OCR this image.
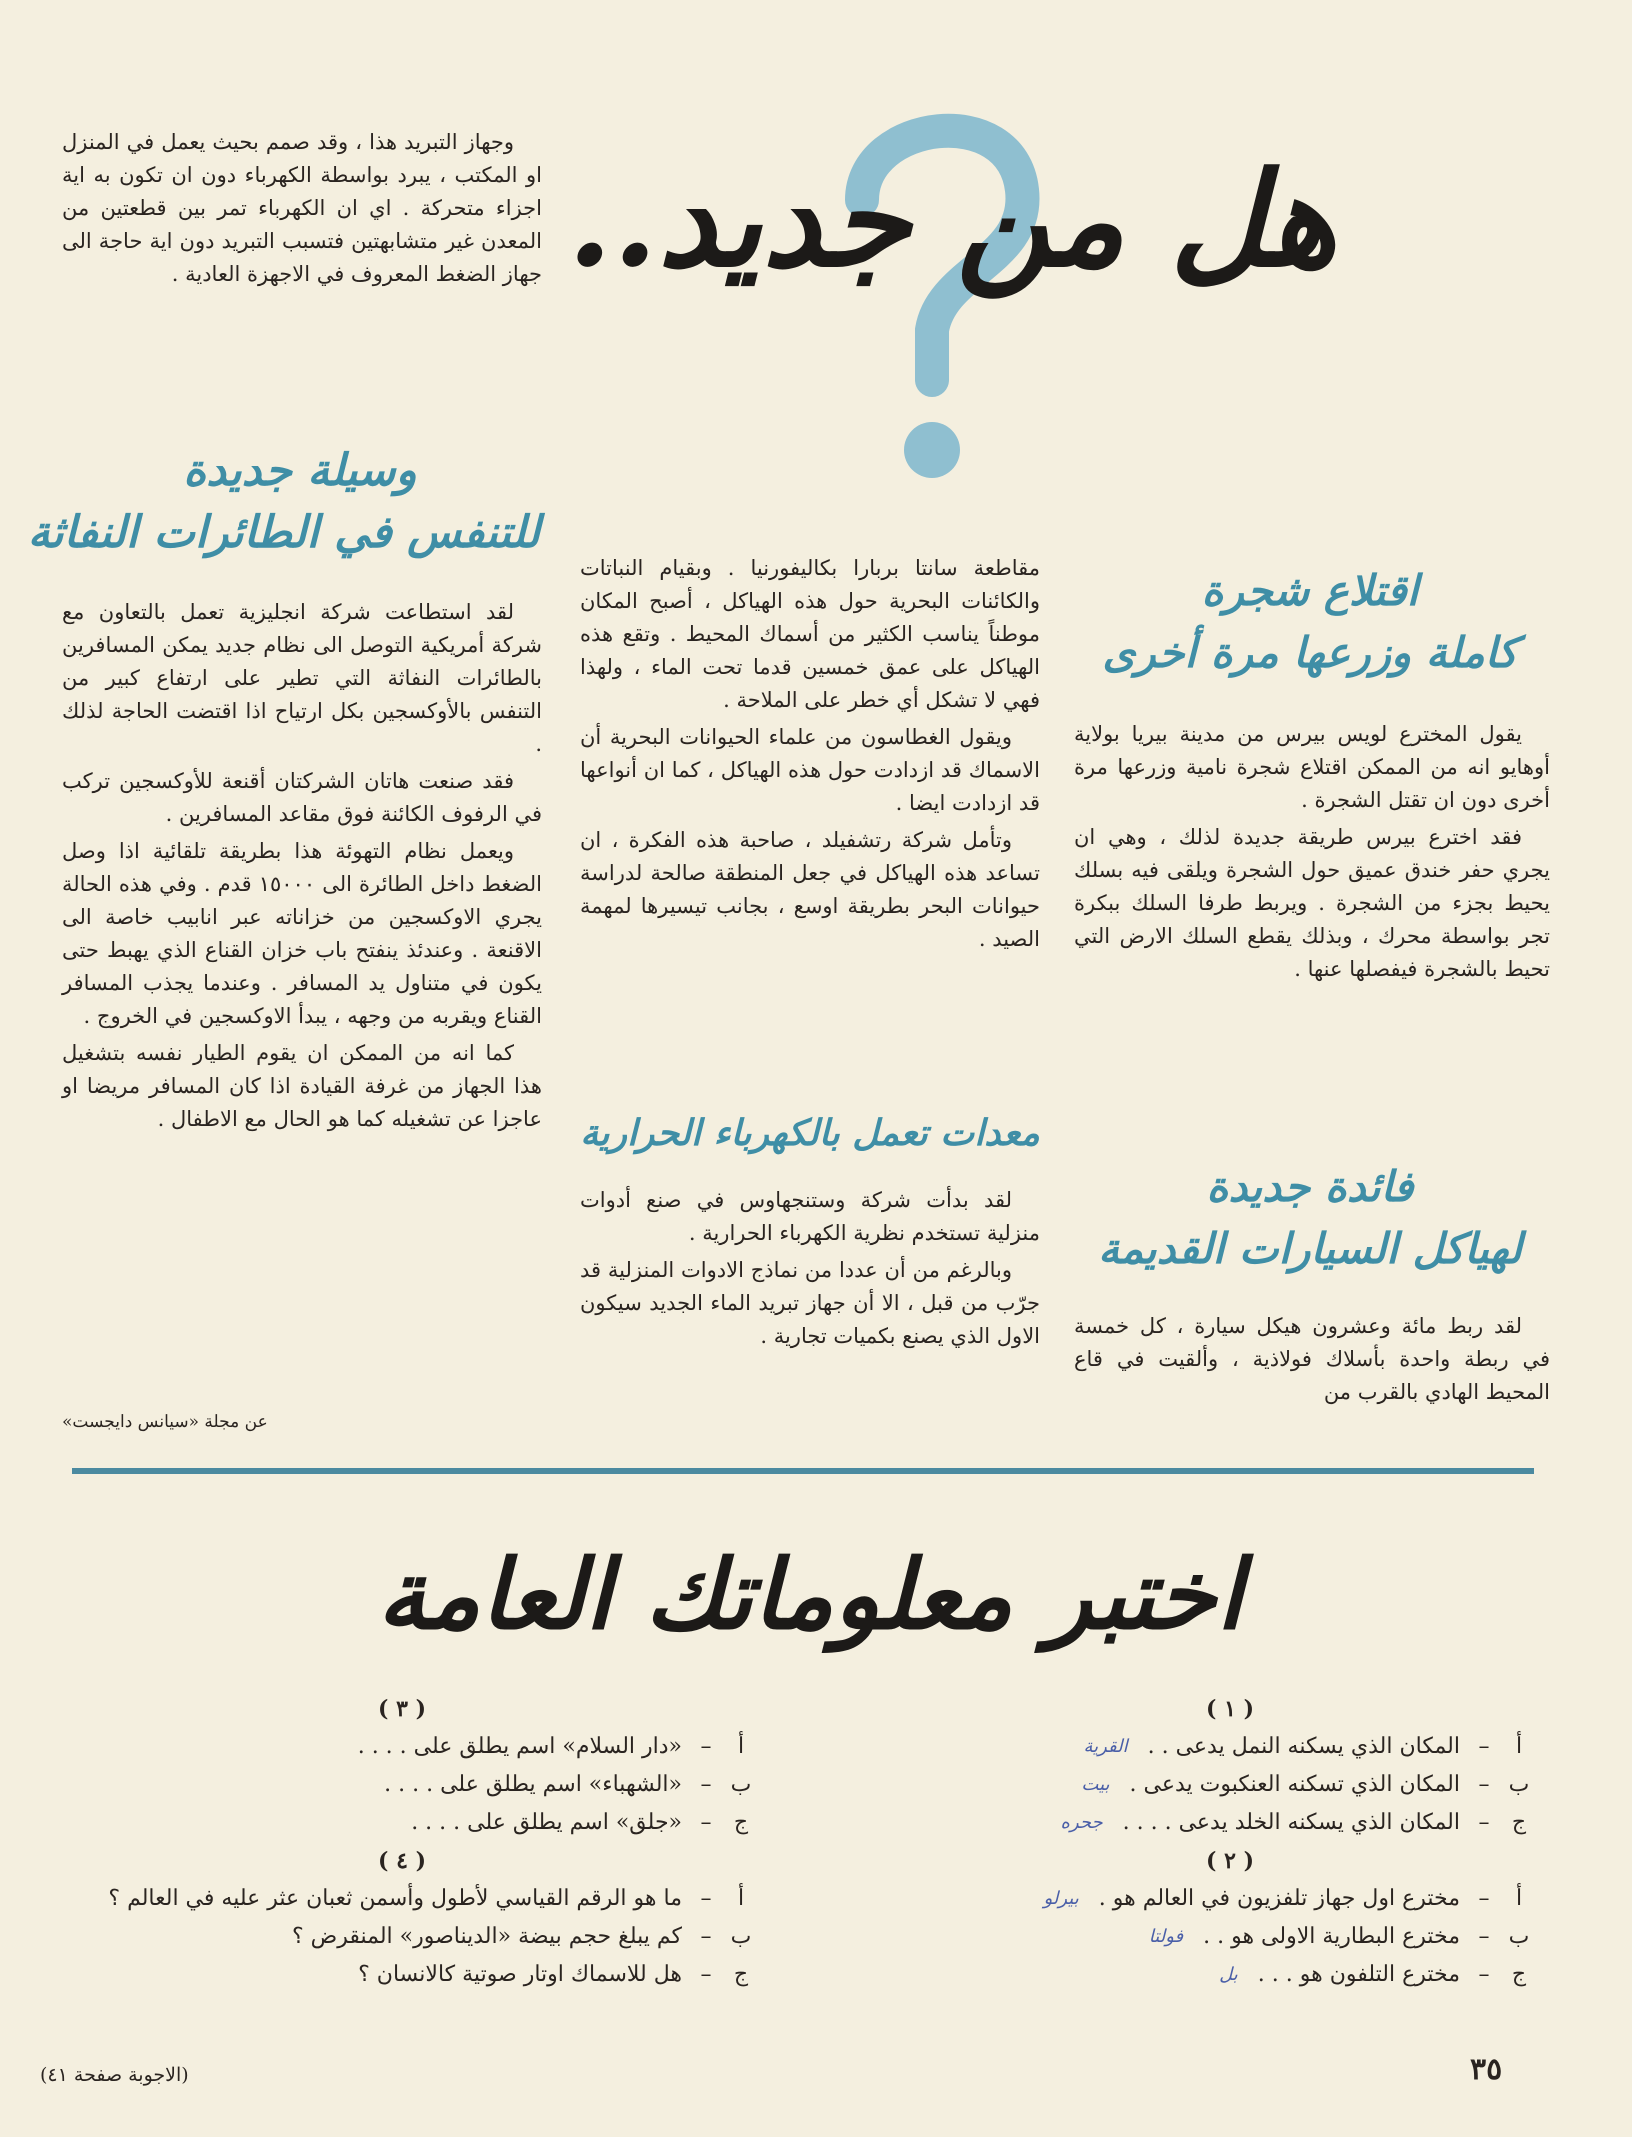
هل من جديد..

وجهاز التبريد هذا ، وقد صمم بحيث يعمل في المنزل او المكتب ، يبرد بواسطة الكهرباء دون ان تكون به اية اجزاء متحركة . اي ان الكهرباء تمر بين قطعتين من المعدن غير متشابهتين فتسبب التبريد دون اية حاجة الى جهاز الضغط المعروف في الاجهزة العادية .

وسيلة جديدة
للتنفس في الطائرات النفاثة

لقد استطاعت شركة انجليزية تعمل بالتعاون مع شركة أمريكية التوصل الى نظام جديد يمكن المسافرين بالطائرات النفاثة التي تطير على ارتفاع كبير من التنفس بالأوكسجين بكل ارتياح اذا اقتضت الحاجة لذلك .

فقد صنعت هاتان الشركتان أقنعة للأوكسجين تركب في الرفوف الكائنة فوق مقاعد المسافرين .

ويعمل نظام التهوئة هذا بطريقة تلقائية اذا وصل الضغط داخل الطائرة الى ١٥٠٠٠ قدم . وفي هذه الحالة يجري الاوكسجين من خزاناته عبر انابيب خاصة الى الاقنعة . وعندئذ ينفتح باب خزان القناع الذي يهبط حتى يكون في متناول يد المسافر . وعندما يجذب المسافر القناع ويقربه من وجهه ، يبدأ الاوكسجين في الخروج .

كما انه من الممكن ان يقوم الطيار نفسه بتشغيل هذا الجهاز من غرفة القيادة اذا كان المسافر مريضا او عاجزا عن تشغيله كما هو الحال مع الاطفال .

عن مجلة «سيانس دايجست»

مقاطعة سانتا بربارا بكاليفورنيا . وبقيام النباتات والكائنات البحرية حول هذه الهياكل ، أصبح المكان موطناً يناسب الكثير من أسماك المحيط . وتقع هذه الهياكل على عمق خمسين قدما تحت الماء ، ولهذا فهي لا تشكل أي خطر على الملاحة .

ويقول الغطاسون من علماء الحيوانات البحرية أن الاسماك قد ازدادت حول هذه الهياكل ، كما ان أنواعها قد ازدادت ايضا .

وتأمل شركة رتشفيلد ، صاحبة هذه الفكرة ، ان تساعد هذه الهياكل في جعل المنطقة صالحة لدراسة حيوانات البحر بطريقة اوسع ، بجانب تيسيرها لمهمة الصيد .

معدات تعمل بالكهرباء الحرارية

لقد بدأت شركة وستنجهاوس في صنع أدوات منزلية تستخدم نظرية الكهرباء الحرارية .

وبالرغم من أن عددا من نماذج الادوات المنزلية قد جرّب من قبل ، الا أن جهاز تبريد الماء الجديد سيكون الاول الذي يصنع بكميات تجارية .

اقتلاع شجرة
كاملة وزرعها مرة أخرى

يقول المخترع لويس بيرس من مدينة بيريا بولاية أوهايو انه من الممكن اقتلاع شجرة نامية وزرعها مرة أخرى دون ان تقتل الشجرة .

فقد اخترع بيرس طريقة جديدة لذلك ، وهي ان يجري حفر خندق عميق حول الشجرة ويلقى فيه بسلك يحيط بجزء من الشجرة . ويربط طرفا السلك ببكرة تجر بواسطة محرك ، وبذلك يقطع السلك الارض التي تحيط بالشجرة فيفصلها عنها .

فائدة جديدة
لهياكل السيارات القديمة

لقد ربط مائة وعشرون هيكل سيارة ، كل خمسة في ربطة واحدة بأسلاك فولاذية ، وألقيت في قاع المحيط الهادي بالقرب من

اختبر معلوماتك العامة
( ١ )
أ
–
المكان الذي يسكنه النمل يدعى . .
القرية
ب
–
المكان الذي تسكنه العنكبوت يدعى .
بيت
ج
–
المكان الذي يسكنه الخلد يدعى . . . .
جحره
( ٢ )
أ
–
مخترع اول جهاز تلفزيون في العالم هو .
بيرلو
ب
–
مخترع البطارية الاولى هو . .
فولتا
ج
–
مخترع التلفون هو . . .
بل
( ٣ )
أ
–
«دار السلام» اسم يطلق على . . . .
ب
–
«الشهباء» اسم يطلق على . . . .
ج
–
«جلق» اسم يطلق على . . . .
( ٤ )
أ
–
ما هو الرقم القياسي لأطول وأسمن ثعبان عثر عليه في العالم ؟
ب
–
كم يبلغ حجم بيضة «الديناصور» المنقرض ؟
ج
–
هل للاسماك اوتار صوتية كالانسان ؟
(الاجوبة صفحة ٤١)	٣٥
